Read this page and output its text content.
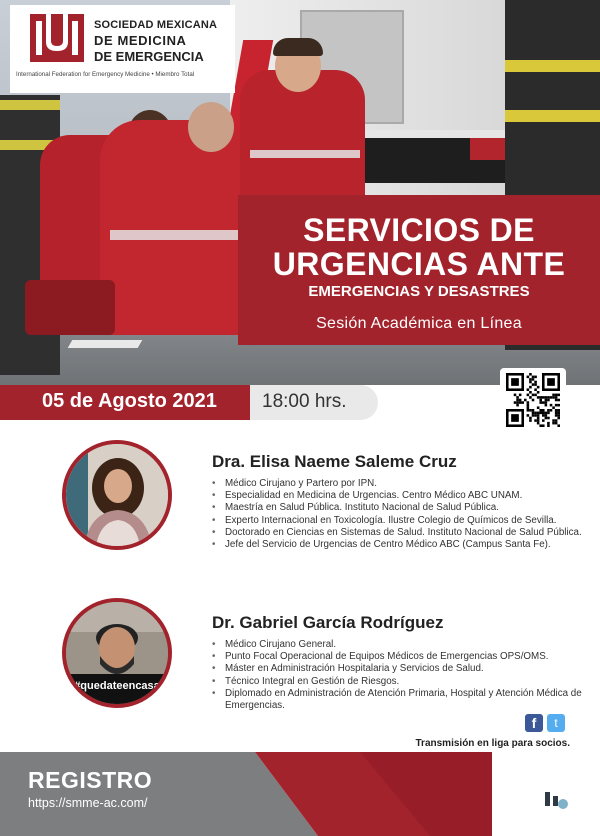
SOCIEDAD MEXICANA
DE MEDICINA
DE EMERGENCIA
International Federation for Emergency Medicine • Miembro Total
SERVICIOS DE URGENCIAS ANTE
EMERGENCIAS Y DESASTRES
Sesión Académica en Línea
05 de Agosto 2021 18:00 hrs.
Dra. Elisa Naeme Saleme Cruz
• Médico Cirujano y Partero por IPN.
• Especialidad en Medicina de Urgencias. Centro Médico ABC UNAM.
• Maestría en Salud Pública. Instituto Nacional de Salud Pública.
• Experto Internacional en Toxicología. Ilustre Colegio de Químicos de Sevilla.
• Doctorado en Ciencias en Sistemas de Salud. Instituto Nacional de Salud Pública.
• Jefe del Servicio de Urgencias de Centro Médico ABC (Campus Santa Fe).
#quedateencasa
Dr. Gabriel García Rodríguez
• Médico Cirujano General.
• Punto Focal Operacional de Equipos Médicos de Emergencias OPS/OMS.
• Máster en Administración Hospitalaria y Servicios de Salud.
• Técnico Integral en Gestión de Riesgos.
• Diplomado en Administración de Atención Primaria, Hospital y Atención Médica de Emergencias.
f	t
Transmisión en liga para socios.
REGISTRO
https://smme-ac.com/
